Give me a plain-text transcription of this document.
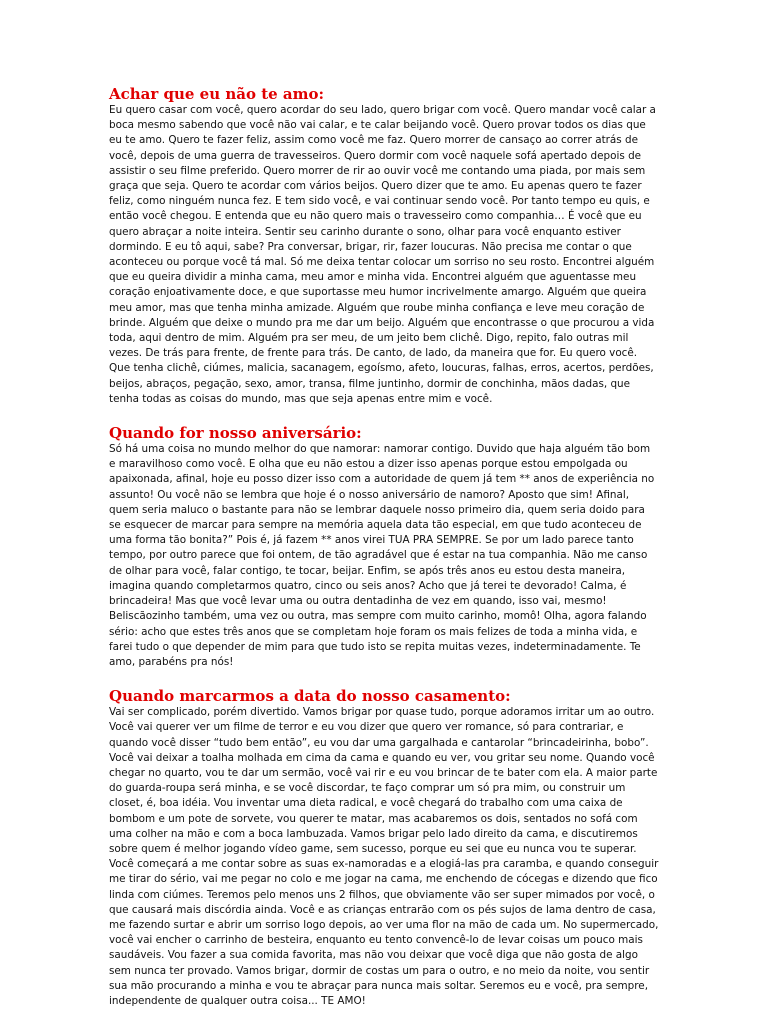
Achar que eu não te amo:

Eu quero casar com você, quero acordar do seu lado, quero brigar com você. Quero mandar você calar a boca mesmo sabendo que você não vai calar, e te calar beijando você. Quero provar todos os dias que eu te amo. Quero te fazer feliz, assim como você me faz. Quero morrer de cansaço ao correr atrás de você, depois de uma guerra de travesseiros. Quero dormir com você naquele sofá apertado depois de assistir o seu filme preferido. Quero morrer de rir ao ouvir você me contando uma piada, por mais sem graça que seja. Quero te acordar com vários beijos. Quero dizer que te amo. Eu apenas quero te fazer feliz, como ninguém nunca fez. E tem sido você, e vai continuar sendo você. Por tanto tempo eu quis, e então você chegou. E entenda que eu não quero mais o travesseiro como companhia… É você que eu quero abraçar a noite inteira. Sentir seu carinho durante o sono, olhar para você enquanto estiver dormindo. E eu tô aqui, sabe? Pra conversar, brigar, rir, fazer loucuras. Não precisa me contar o que aconteceu ou porque você tá mal. Só me deixa tentar colocar um sorriso no seu rosto. Encontrei alguém que eu queira dividir a minha cama, meu amor e minha vida. Encontrei alguém que aguentasse meu coração enjoativamente doce, e que suportasse meu humor incrivelmente amargo. Alguém que queira meu amor, mas que tenha minha amizade. Alguém que roube minha confiança e leve meu coração de brinde. Alguém que deixe o mundo pra me dar um beijo. Alguém que encontrasse o que procurou a vida toda, aqui dentro de mim. Alguém pra ser meu, de um jeito bem clichê. Digo, repito, falo outras mil vezes. De trás para frente, de frente para trás. De canto, de lado, da maneira que for. Eu quero você. Que tenha clichê, ciúmes, malicia, sacanagem, egoísmo, afeto, loucuras, falhas, erros, acertos, perdões, beijos, abraços, pegação, sexo, amor, transa, filme juntinho, dormir de conchinha, mãos dadas, que tenha todas as coisas do mundo, mas que seja apenas entre mim e você.

Quando for nosso aniversário:

Só há uma coisa no mundo melhor do que namorar: namorar contigo. Duvido que haja alguém tão bom e maravilhoso como você. E olha que eu não estou a dizer isso apenas porque estou empolgada ou apaixonada, afinal, hoje eu posso dizer isso com a autoridade de quem já tem ** anos de experiência no assunto! Ou você não se lembra que hoje é o nosso aniversário de namoro? Aposto que sim! Afinal, quem seria maluco o bastante para não se lembrar daquele nosso primeiro dia, quem seria doido para se esquecer de marcar para sempre na memória aquela data tão especial, em que tudo aconteceu de uma forma tão bonita?” Pois é, já fazem ** anos virei TUA PRA SEMPRE. Se por um lado parece tanto tempo, por outro parece que foi ontem, de tão agradável que é estar na tua companhia. Não me canso de olhar para você, falar contigo, te tocar, beijar. Enfim, se após três anos eu estou desta maneira, imagina quando completarmos quatro, cinco ou seis anos? Acho que já terei te devorado! Calma, é brincadeira! Mas que você levar uma ou outra dentadinha de vez em quando, isso vai, mesmo! Beliscãozinho também, uma vez ou outra, mas sempre com muito carinho, momô! Olha, agora falando sério: acho que estes três anos que se completam hoje foram os mais felizes de toda a minha vida, e farei tudo o que depender de mim para que tudo isto se repita muitas vezes, indeterminadamente. Te amo, parabéns pra nós!

Quando marcarmos a data do nosso casamento:

Vai ser complicado, porém divertido. Vamos brigar por quase tudo, porque adoramos irritar um ao outro. Você vai querer ver um filme de terror e eu vou dizer que quero ver romance, só para contrariar, e quando você disser “tudo bem então”, eu vou dar uma gargalhada e cantarolar “brincadeirinha, bobo”. Você vai deixar a toalha molhada em cima da cama e quando eu ver, vou gritar seu nome. Quando você chegar no quarto, vou te dar um sermão, você vai rir e eu vou brincar de te bater com ela. A maior parte do guarda-roupa será minha, e se você discordar, te faço comprar um só pra mim, ou construir um closet, é, boa idéia. Vou inventar uma dieta radical, e você chegará do trabalho com uma caixa de bombom e um pote de sorvete, vou querer te matar, mas acabaremos os dois, sentados no sofá com uma colher na mão e com a boca lambuzada. Vamos brigar pelo lado direito da cama, e discutiremos sobre quem é melhor jogando vídeo game, sem sucesso, porque eu sei que eu nunca vou te superar. Você começará a me contar sobre as suas ex-namoradas e a elogiá-las pra caramba, e quando conseguir me tirar do sério, vai me pegar no colo e me jogar na cama, me enchendo de cócegas e dizendo que fico linda com ciúmes. Teremos pelo menos uns 2 filhos, que obviamente vão ser super mimados por você, o que causará mais discórdia ainda. Você e as crianças entrarão com os pés sujos de lama dentro de casa, me fazendo surtar e abrir um sorriso logo depois, ao ver uma flor na mão de cada um. No supermercado, você vai encher o carrinho de besteira, enquanto eu tento convencê-lo de levar coisas um pouco mais saudáveis. Vou fazer a sua comida favorita, mas não vou deixar que você diga que não gosta de algo sem nunca ter provado. Vamos brigar, dormir de costas um para o outro, e no meio da noite, vou sentir sua mão procurando a minha e vou te abraçar para nunca mais soltar. Seremos eu e você, pra sempre, independente de qualquer outra coisa... TE AMO!
